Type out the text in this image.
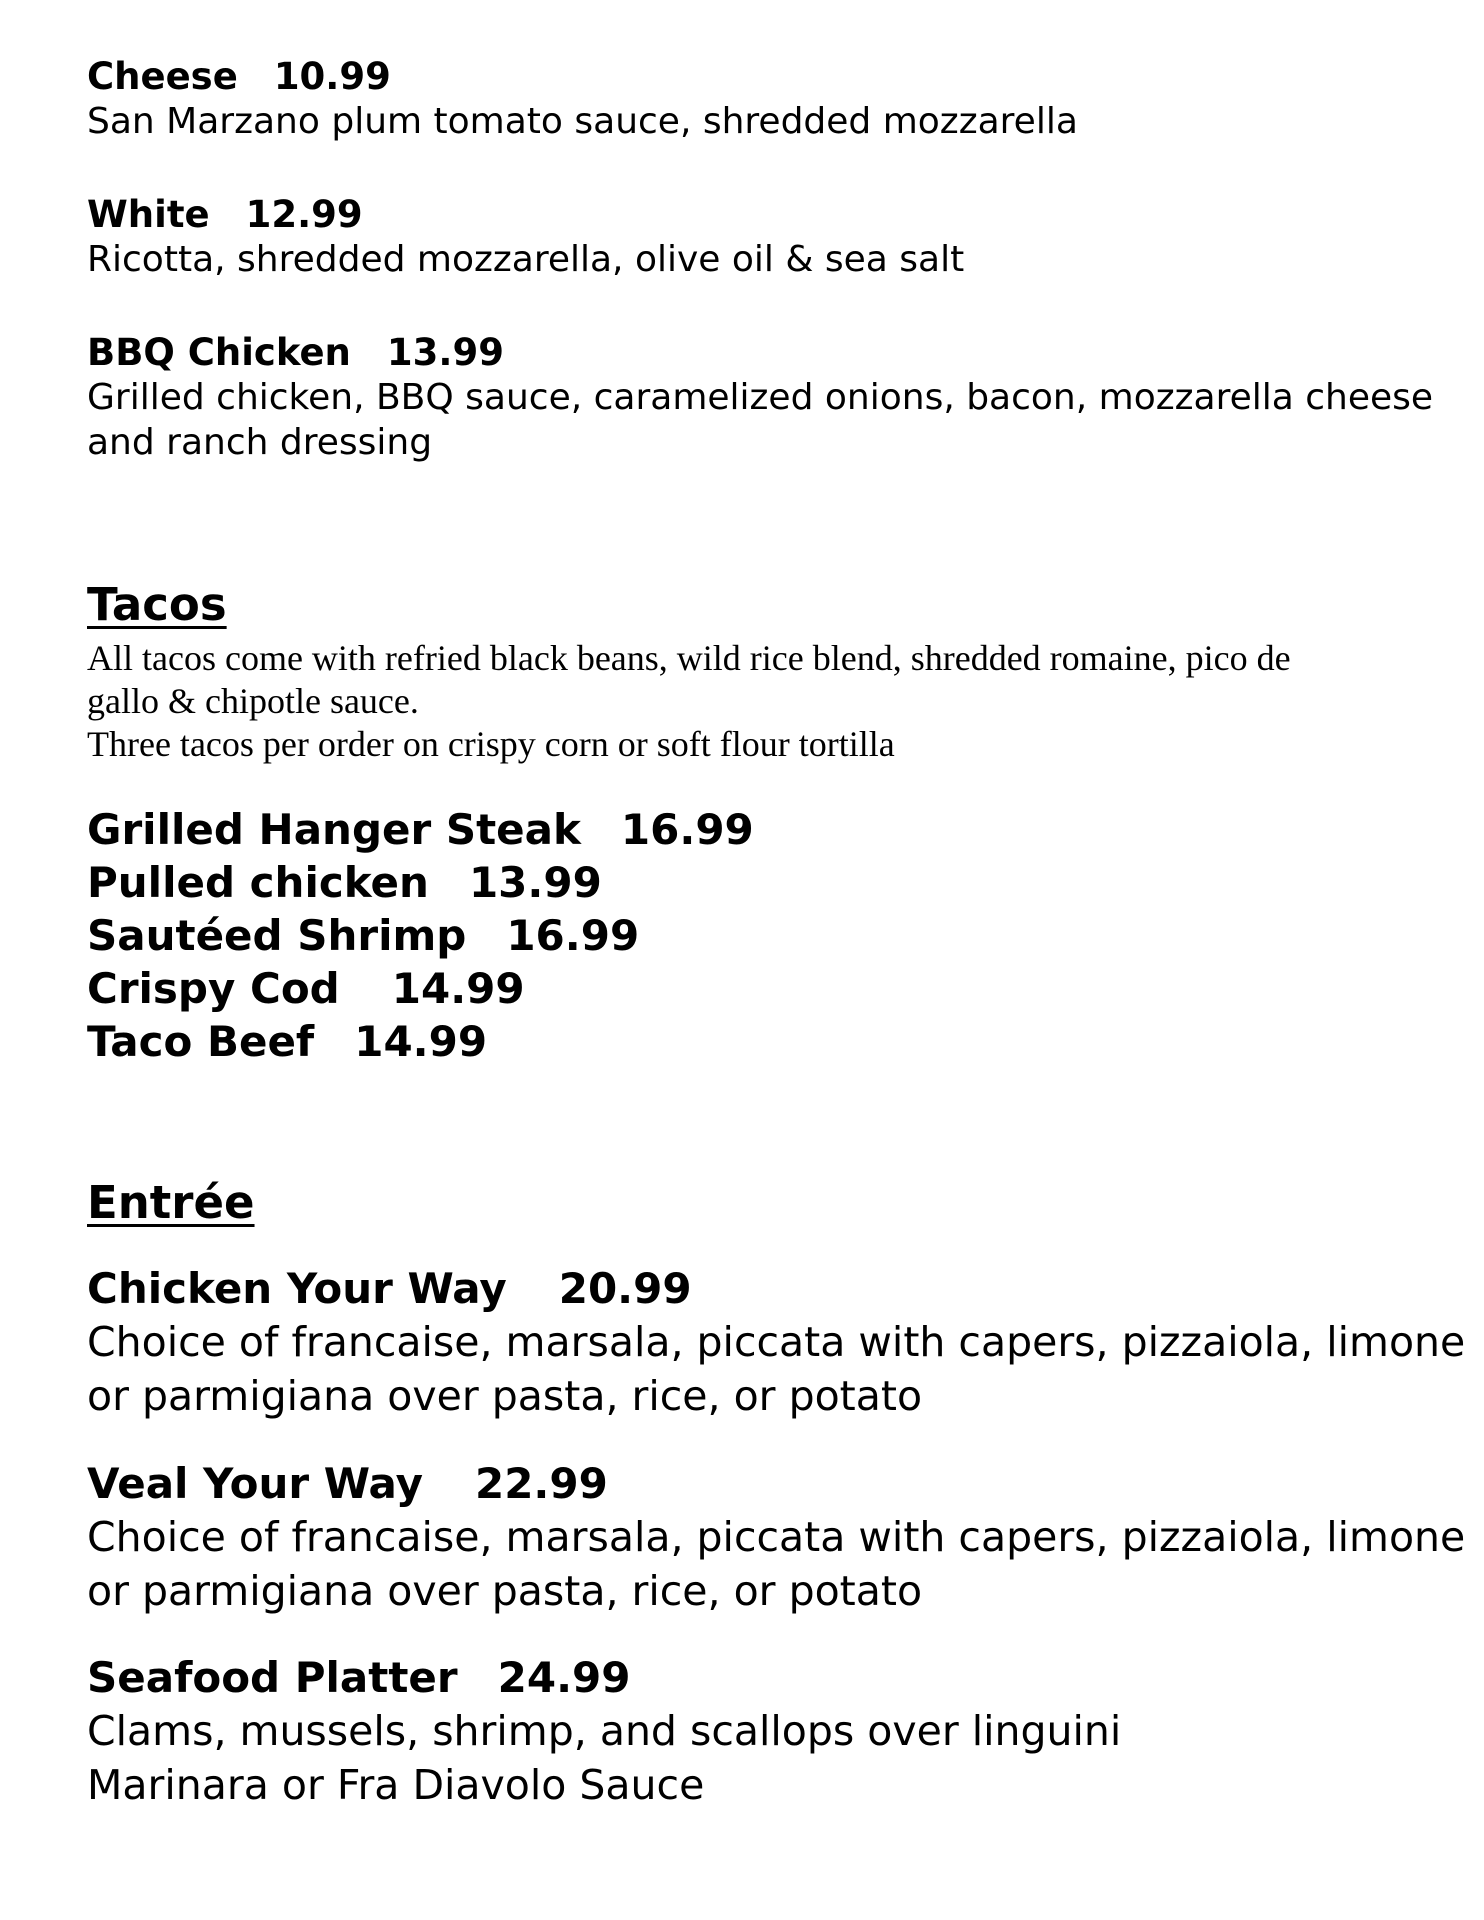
Cheese 10.99
San Marzano plum tomato sauce, shredded mozzarella
White 12.99
Ricotta, shredded mozzarella, olive oil & sea salt
BBQ Chicken 13.99
Grilled chicken, BBQ sauce, caramelized onions, bacon, mozzarella cheese
and ranch dressing
Tacos
All tacos come with refried black beans, wild rice blend, shredded romaine, pico de
gallo & chipotle sauce.
Three tacos per order on crispy corn or soft flour tortilla
Grilled Hanger Steak 16.99
Pulled chicken 13.99
Sautéed Shrimp 16.99
Crispy Cod 14.99
Taco Beef 14.99
Entrée
Chicken Your Way 20.99
Choice of francaise, marsala, piccata with capers, pizzaiola, limone
or parmigiana over pasta, rice, or potato
Veal Your Way 22.99
Choice of francaise, marsala, piccata with capers, pizzaiola, limone
or parmigiana over pasta, rice, or potato
Seafood Platter 24.99
Clams, mussels, shrimp, and scallops over linguini
Marinara or Fra Diavolo Sauce
